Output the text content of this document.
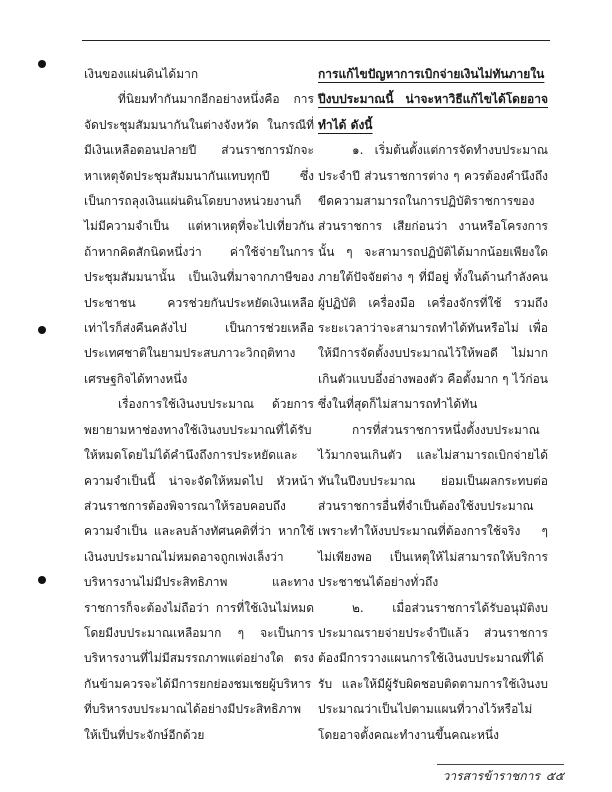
เงินของแผ่นดินได้มาก

ที่นิยมทำกันมากอีกอย่างหนึ่งคือ การจัดประชุมสัมมนากันในต่างจังหวัด ในกรณีที่มีเงินเหลือตอนปลายปี ส่วนราชการมักจะหาเหตุจัดประชุมสัมมนากันแทบทุกปี ซึ่งเป็นการถลุงเงินแผ่นดินโดยบางหน่วยงานก็ไม่มีความจำเป็น แต่หาเหตุที่จะไปเที่ยวกัน ถ้าหากคิดสักนิดหนึ่งว่า ค่าใช้จ่ายในการประชุมสัมมนานั้น เป็นเงินที่มาจากภาษีของประชาชน ควรช่วยกันประหยัดเงินเหลือเท่าไรก็ส่งคืนคลังไป เป็นการช่วยเหลือประเทศชาติในยามประสบภาวะวิกฤติทางเศรษฐกิจได้ทางหนึ่ง

เรื่องการใช้เงินงบประมาณ ด้วยการพยายามหาช่องทางใช้เงินงบประมาณที่ได้รับให้หมดโดยไม่ได้คำนึงถึงการประหยัดและความจำเป็นนี้ น่าจะจัดให้หมดไป หัวหน้าส่วนราชการต้องพิจารณาให้รอบคอบถึงความจำเป็น และลบล้างทัศนคติที่ว่า หากใช้เงินงบประมาณไม่หมดอาจถูกเพ่งเล็งว่าบริหารงานไม่มีประสิทธิภาพ และทางราชการก็จะต้องไม่ถือว่า การที่ใช้เงินไม่หมดโดยมีงบประมาณเหลือมาก ๆ จะเป็นการบริหารงานที่ไม่มีสมรรถภาพแต่อย่างใด ตรงกันข้ามควรจะได้มีการยกย่องชมเชยผู้บริหารที่บริหารงบประมาณได้อย่างมีประสิทธิภาพให้เป็นที่ประจักษ์อีกด้วย

การแก้ไขปัญหาการเบิกจ่ายเงินไม่ทันภายในปีงบประมาณนี้ น่าจะหาวิธีแก้ไขได้โดยอาจทำได้ ดังนี้

๑. เริ่มต้นตั้งแต่การจัดทำงบประมาณประจำปี ส่วนราชการต่าง ๆ ควรต้องคำนึงถึงขีดความสามารถในการปฏิบัติราชการของส่วนราชการ เสียก่อนว่า งานหรือโครงการนั้น ๆ จะสามารถปฏิบัติได้มากน้อยเพียงใดภายใต้ปัจจัยต่าง ๆ ที่มีอยู่ ทั้งในด้านกำลังคน ผู้ปฏิบัติ เครื่องมือ เครื่องจักรที่ใช้ รวมถึงระยะเวลาว่าจะสามารถทำได้ทันหรือไม่ เพื่อให้มีการจัดตั้งงบประมาณไว้ให้พอดี ไม่มากเกินตัวแบบอึ่งอ่างพองตัว คือตั้งมาก ๆ ไว้ก่อน ซึ่งในที่สุดก็ไม่สามารถทำได้ทัน

การที่ส่วนราชการหนึ่งตั้งงบประมาณไว้มากจนเกินตัว และไม่สามารถเบิกจ่ายได้ทันในปีงบประมาณ ย่อมเป็นผลกระทบต่อส่วนราชการอื่นที่จำเป็นต้องใช้งบประมาณ เพราะทำให้งบประมาณที่ต้องการใช้จริง ๆ ไม่เพียงพอ เป็นเหตุให้ไม่สามารถให้บริการประชาชนได้อย่างทั่วถึง

๒. เมื่อส่วนราชการได้รับอนุมัติงบประมาณรายจ่ายประจำปีแล้ว ส่วนราชการต้องมีการวางแผนการใช้เงินงบประมาณที่ได้รับ และให้มีผู้รับผิดชอบติดตามการใช้เงินงบประมาณว่าเป็นไปตามแผนที่วางไว้หรือไม่ โดยอาจตั้งคณะทำงานขึ้นคณะหนึ่ง

วารสารข้าราชการ ๕๕
